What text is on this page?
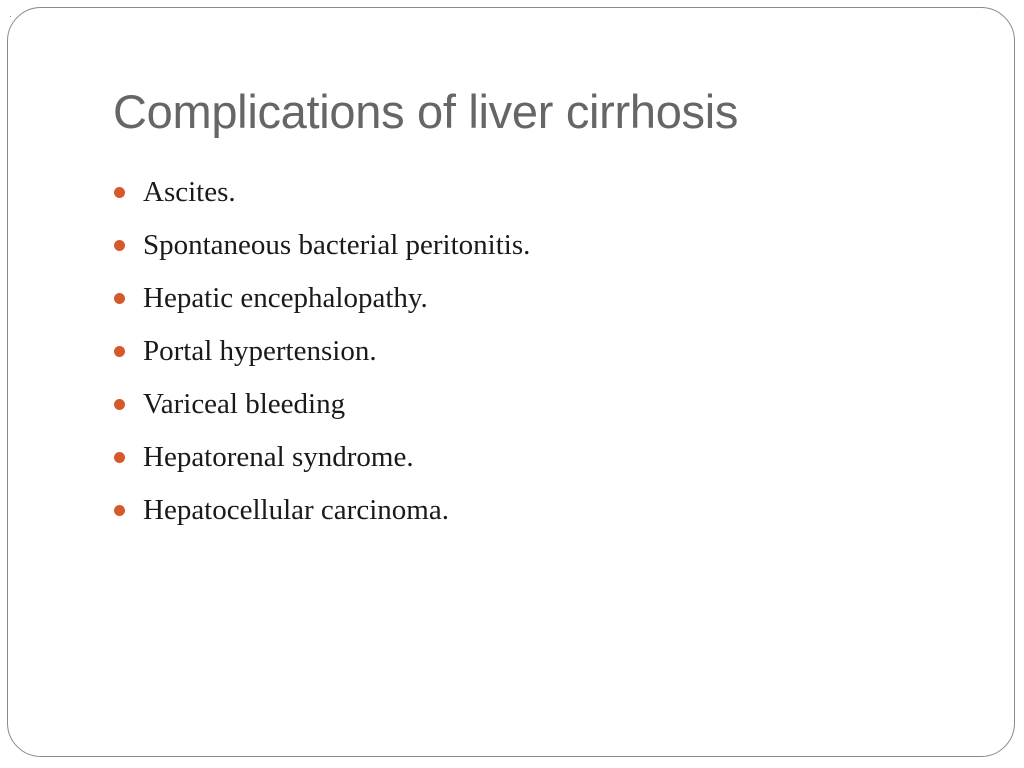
.
Complications of liver cirrhosis
Ascites.
Spontaneous bacterial peritonitis.
Hepatic encephalopathy.
Portal hypertension.
Variceal bleeding
Hepatorenal syndrome.
Hepatocellular carcinoma.
